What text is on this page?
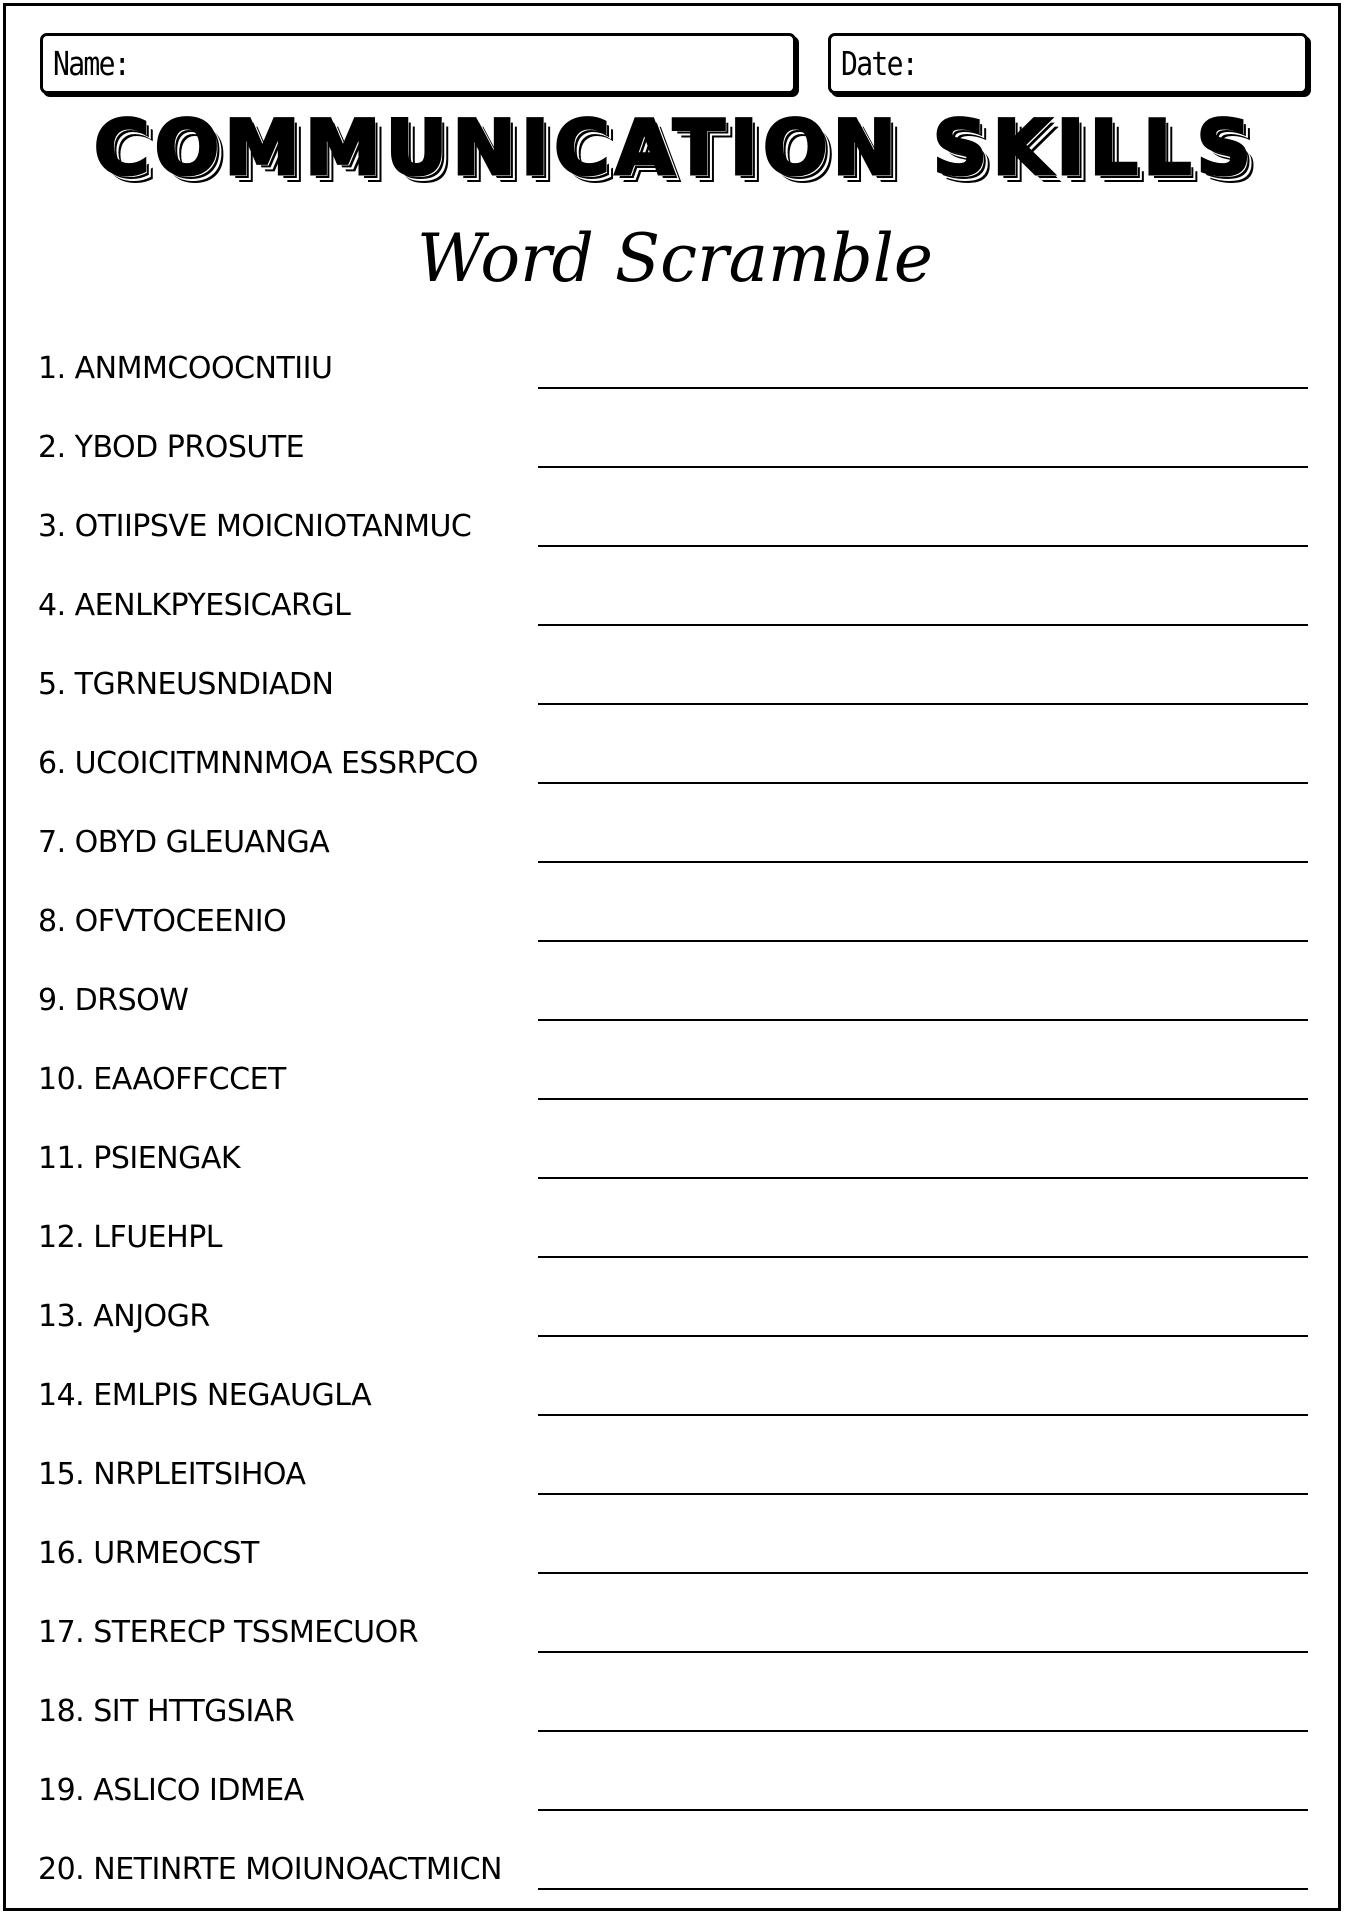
Name:	Date:
COMMUNICATION SKILLS
Word Scramble
1. ANMMCOOCNTIIU
2. YBOD PROSUTE
3. OTIIPSVE MOICNIOTANMUC
4. AENLKPYESICARGL
5. TGRNEUSNDIADN
6. UCOICITMNNMOA ESSRPCO
7. OBYD GLEUANGA
8. OFVTOCEENIO
9. DRSOW
10. EAAOFFCCET
11. PSIENGAK
12. LFUEHPL
13. ANJOGR
14. EMLPIS NEGAUGLA
15. NRPLEITSIHOA
16. URMEOCST
17. STERECP TSSMECUOR
18. SIT HTTGSIAR
19. ASLICO IDMEA
20. NETINRTE MOIUNOACTMICN
